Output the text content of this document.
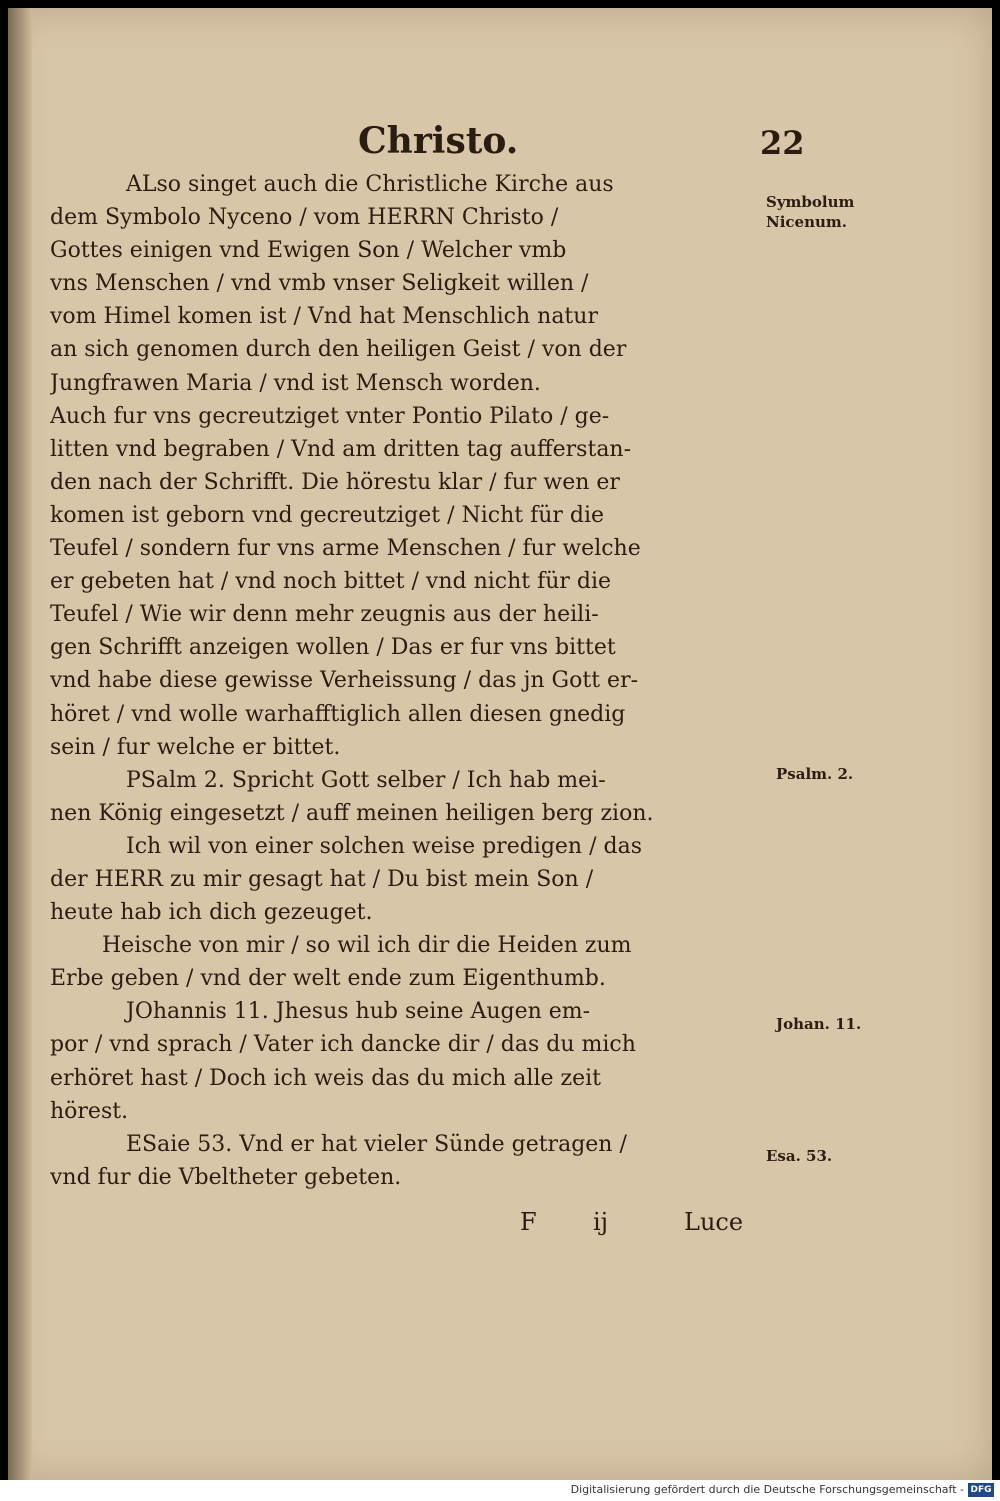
Christo.	22
ALso singet auch die Christliche Kirche aus
dem Symbolo Nyceno / vom HERRN Christo /
Gottes einigen vnd Ewigen Son / Welcher vmb
vns Menschen / vnd vmb vnser Seligkeit willen /
vom Himel komen ist / Vnd hat Menschlich natur
an sich genomen durch den heiligen Geist / von der
Jungfrawen Maria / vnd ist Mensch worden.
Auch fur vns gecreutziget vnter Pontio Pilato / ge-
litten vnd begraben / Vnd am dritten tag aufferstan-
den nach der Schrifft. Die hörestu klar / fur wen er
komen ist geborn vnd gecreutziget / Nicht für die
Teufel / sondern fur vns arme Menschen / fur welche
er gebeten hat / vnd noch bittet / vnd nicht für die
Teufel / Wie wir denn mehr zeugnis aus der heili-
gen Schrifft anzeigen wollen / Das er fur vns bittet
vnd habe diese gewisse Verheissung / das jn Gott er-
höret / vnd wolle warhafftiglich allen diesen gnedig
sein / fur welche er bittet.
PSalm 2. Spricht Gott selber / Ich hab mei-
nen König eingesetzt / auff meinen heiligen berg zion.
Ich wil von einer solchen weise predigen / das
der HERR zu mir gesagt hat / Du bist mein Son /
heute hab ich dich gezeuget.
Heische von mir / so wil ich dir die Heiden zum
Erbe geben / vnd der welt ende zum Eigenthumb.
JOhannis 11. Jhesus hub seine Augen em-
por / vnd sprach / Vater ich dancke dir / das du mich
erhöret hast / Doch ich weis das du mich alle zeit
hörest.
ESaie 53. Vnd er hat vieler Sünde getragen /
vnd fur die Vbeltheter gebeten.
Symbolum
Nicenum.
Psalm. 2.
Johan. 11.
Esa. 53.
F ij	Luce
Digitalisierung gefördert durch die Deutsche Forschungsgemeinschaft - DFG
